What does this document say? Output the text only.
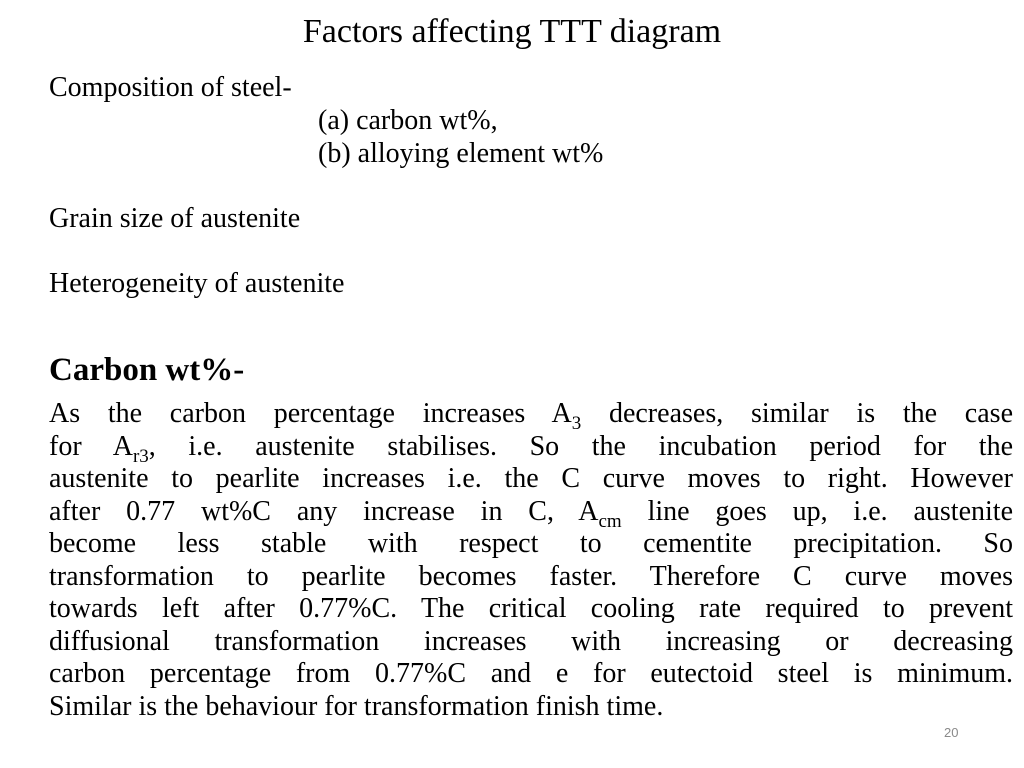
Factors affecting TTT diagram
Composition of steel-
(a) carbon wt%,
(b) alloying element wt%
Grain size of austenite
Heterogeneity of austenite
Carbon wt%-
As the carbon percentage increases $A_3$ decreases, similar is the case
for $A_{r3}$, i.e. austenite stabilises. So the incubation period for the
austenite to pearlite increases i.e. the C curve moves to right. However
after 0.77 wt%C any increase in C, $A_{cm}$ line goes up, i.e. austenite
become less stable with respect to cementite precipitation. So
transformation to pearlite becomes faster. Therefore C curve moves
towards left after 0.77%C. The critical cooling rate required to prevent
diffusional transformation increases with increasing or decreasing
carbon percentage from 0.77%C and e for eutectoid steel is minimum.
Similar is the behaviour for transformation finish time.
20
